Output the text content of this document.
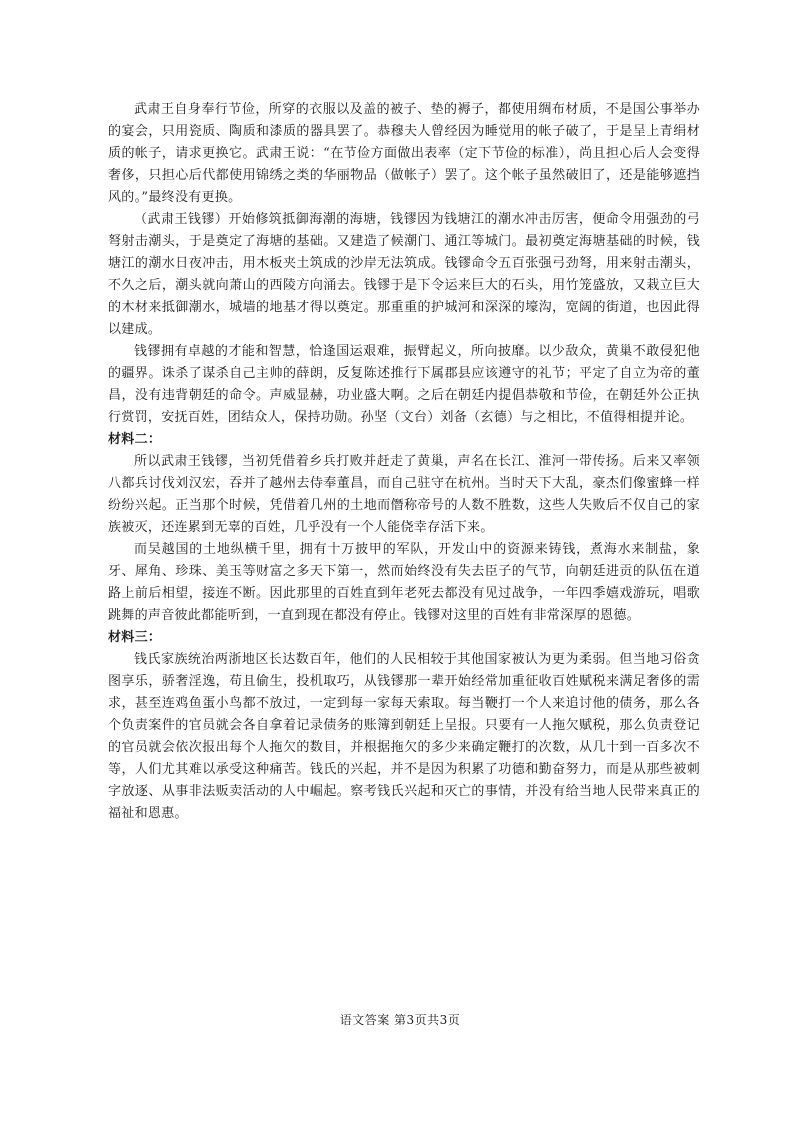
武肃王自身奉行节俭，所穿的衣服以及盖的被子、垫的褥子，都使用绸布材质，不是国公事举办的宴会，只用瓷质、陶质和漆质的器具罢了。恭穆夫人曾经因为睡觉用的帐子破了，于是呈上青绢材质的帐子，请求更换它。武肃王说：“在节俭方面做出表率（定下节俭的标准），尚且担心后人会变得奢侈，只担心后代都使用锦绣之类的华丽物品（做帐子）罢了。这个帐子虽然破旧了，还是能够遮挡风的。”最终没有更换。

（武肃王钱镠）开始修筑抵御海潮的海塘，钱镠因为钱塘江的潮水冲击厉害，便命令用强劲的弓弩射击潮头，于是奠定了海塘的基础。又建造了候潮门、通江等城门。最初奠定海塘基础的时候，钱塘江的潮水日夜冲击，用木板夹土筑成的沙岸无法筑成。钱镠命令五百张强弓劲弩，用来射击潮头，不久之后，潮头就向萧山的西陵方向涌去。钱镠于是下令运来巨大的石头，用竹笼盛放，又栽立巨大的木材来抵御潮水，城墙的地基才得以奠定。那重重的护城河和深深的壕沟，宽阔的街道，也因此得以建成。

钱镠拥有卓越的才能和智慧，恰逢国运艰难，振臂起义，所向披靡。以少敌众，黄巢不敢侵犯他的疆界。诛杀了谋杀自己主帅的薛朗，反复陈述推行下属郡县应该遵守的礼节；平定了自立为帝的董昌，没有违背朝廷的命令。声威显赫，功业盛大啊。之后在朝廷内提倡恭敬和节俭，在朝廷外公正执行赏罚，安抚百姓，团结众人，保持功勋。孙坚（文台）刘备（玄德）与之相比，不值得相提并论。

材料二：

所以武肃王钱镠，当初凭借着乡兵打败并赶走了黄巢，声名在长江、淮河一带传扬。后来又率领八都兵讨伐刘汉宏，吞并了越州去侍奉董昌，而自己驻守在杭州。当时天下大乱，豪杰们像蜜蜂一样纷纷兴起。正当那个时候，凭借着几州的土地而僭称帝号的人数不胜数，这些人失败后不仅自己的家族被灭，还连累到无辜的百姓，几乎没有一个人能侥幸存活下来。

而吴越国的土地纵横千里，拥有十万披甲的军队，开发山中的资源来铸钱，煮海水来制盐，象牙、犀角、珍珠、美玉等财富之多天下第一，然而始终没有失去臣子的气节，向朝廷进贡的队伍在道路上前后相望，接连不断。因此那里的百姓直到年老死去都没有见过战争，一年四季嬉戏游玩，唱歌跳舞的声音彼此都能听到，一直到现在都没有停止。钱镠对这里的百姓有非常深厚的恩德。

材料三：

钱氏家族统治两浙地区长达数百年，他们的人民相较于其他国家被认为更为柔弱。但当地习俗贪图享乐，骄奢淫逸，苟且偷生，投机取巧，从钱镠那一辈开始经常加重征收百姓赋税来满足奢侈的需求，甚至连鸡鱼蛋小鸟都不放过，一定到每一家每天索取。每当鞭打一个人来追讨他的债务，那么各个负责案件的官员就会各自拿着记录债务的账簿到朝廷上呈报。只要有一人拖欠赋税，那么负责登记的官员就会依次报出每个人拖欠的数目，并根据拖欠的多少来确定鞭打的次数，从几十到一百多次不等，人们尤其难以承受这种痛苦。钱氏的兴起，并不是因为积累了功德和勤奋努力，而是从那些被刺字放逐、从事非法贩卖活动的人中崛起。察考钱氏兴起和灭亡的事情，并没有给当地人民带来真正的福祉和恩惠。

语文答案 第3页共3页
